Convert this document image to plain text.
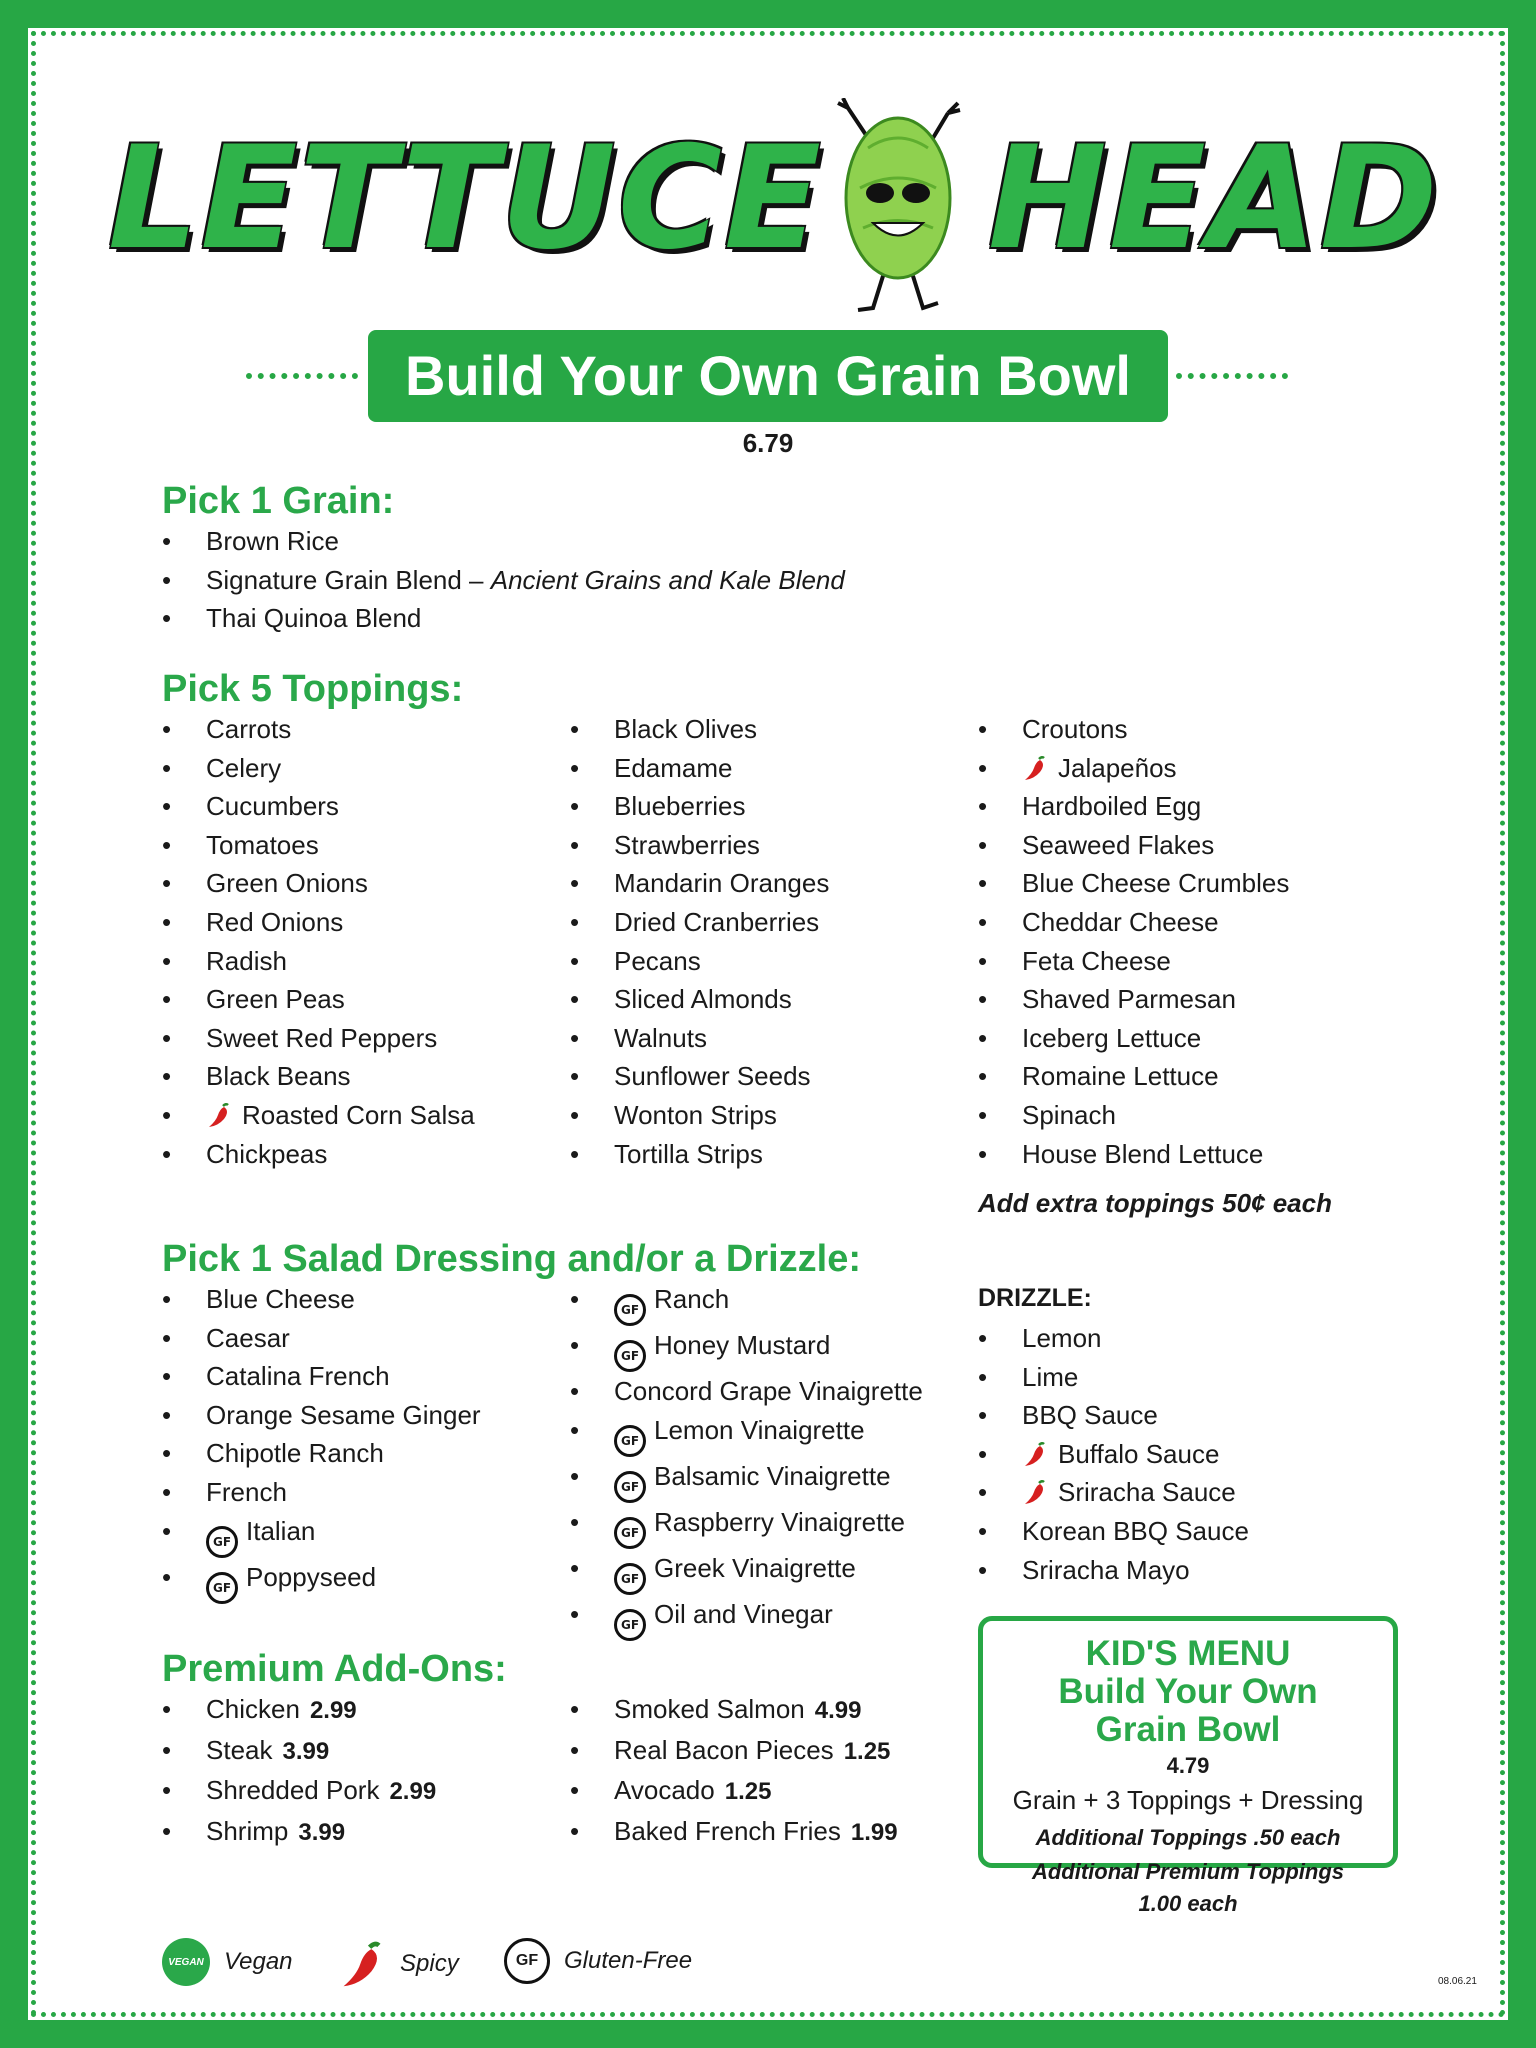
LETTUCE HEAD
Build Your Own Grain Bowl
6.79
Pick 1 Grain:
• Brown Rice
• Signature Grain Blend – Ancient Grains and Kale Blend
• Thai Quinoa Blend
Pick 5 Toppings:
• Carrots
• Celery
• Cucumbers
• Tomatoes
• Green Onions
• Red Onions
• Radish
• Green Peas
• Sweet Red Peppers
• Black Beans
• Roasted Corn Salsa
• Chickpeas
• Black Olives
• Edamame
• Blueberries
• Strawberries
• Mandarin Oranges
• Dried Cranberries
• Pecans
• Sliced Almonds
• Walnuts
• Sunflower Seeds
• Wonton Strips
• Tortilla Strips
• Croutons
• Jalapeños
• Hardboiled Egg
• Seaweed Flakes
• Blue Cheese Crumbles
• Cheddar Cheese
• Feta Cheese
• Shaved Parmesan
• Iceberg Lettuce
• Romaine Lettuce
• Spinach
• House Blend Lettuce
Add extra toppings 50¢ each
Pick 1 Salad Dressing and/or a Drizzle:
• Blue Cheese
• Caesar
• Catalina French
• Orange Sesame Ginger
• Chipotle Ranch
• French
• GF Italian
• GF Poppyseed
• GF Ranch
• GF Honey Mustard
• Concord Grape Vinaigrette
• GF Lemon Vinaigrette
• GF Balsamic Vinaigrette
• GF Raspberry Vinaigrette
• GF Greek Vinaigrette
• GF Oil and Vinegar
DRIZZLE:
• Lemon
• Lime
• BBQ Sauce
• Buffalo Sauce
• Sriracha Sauce
• Korean BBQ Sauce
• Sriracha Mayo
Premium Add-Ons:
• Chicken 2.99
• Steak 3.99
• Shredded Pork 2.99
• Shrimp 3.99
• Smoked Salmon 4.99
• Real Bacon Pieces 1.25
• Avocado 1.25
• Baked French Fries 1.99
KID'S MENU
Build Your Own
Grain Bowl
4.79
Grain + 3 Toppings + Dressing
Additional Toppings .50 each
Additional Premium Toppings
1.00 each
VEGAN Vegan	Spicy	GF	Gluten-Free
08.06.21
